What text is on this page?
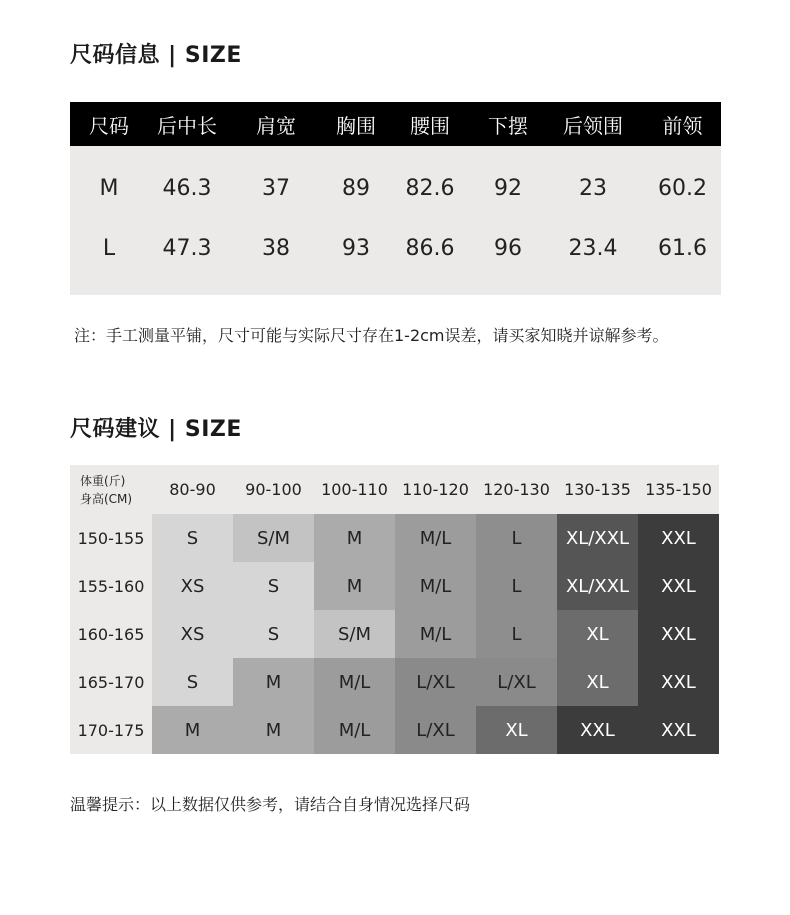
尺码信息 | SIZE
尺码	后中长	肩宽	胸围	腰围	下摆	后领围	前领
M	46.3	37	89	82.6	92	23	60.2
L	47.3	38	93	86.6	96	23.4	61.6
注：手工测量平铺，尺寸可能与实际尺寸存在1-2cm误差，请买家知晓并谅解参考。
尺码建议 | SIZE
体重(斤)
身高(CM)	80-90	90-100	100-110 110-120 120-130 130-135 135-150
150-155	S	S/M	M	M/L	L	XL/XXL	XXL
155-160	XS	S	M	M/L	L	XL/XXL	XXL
160-165	XS	S	S/M	M/L	L	XL	XXL
165-170	S	M	M/L	L/XL	L/XL	XL	XXL
170-175	M	M	M/L	L/XL	XL	XXL	XXL
温馨提示：以上数据仅供参考，请结合自身情况选择尺码
